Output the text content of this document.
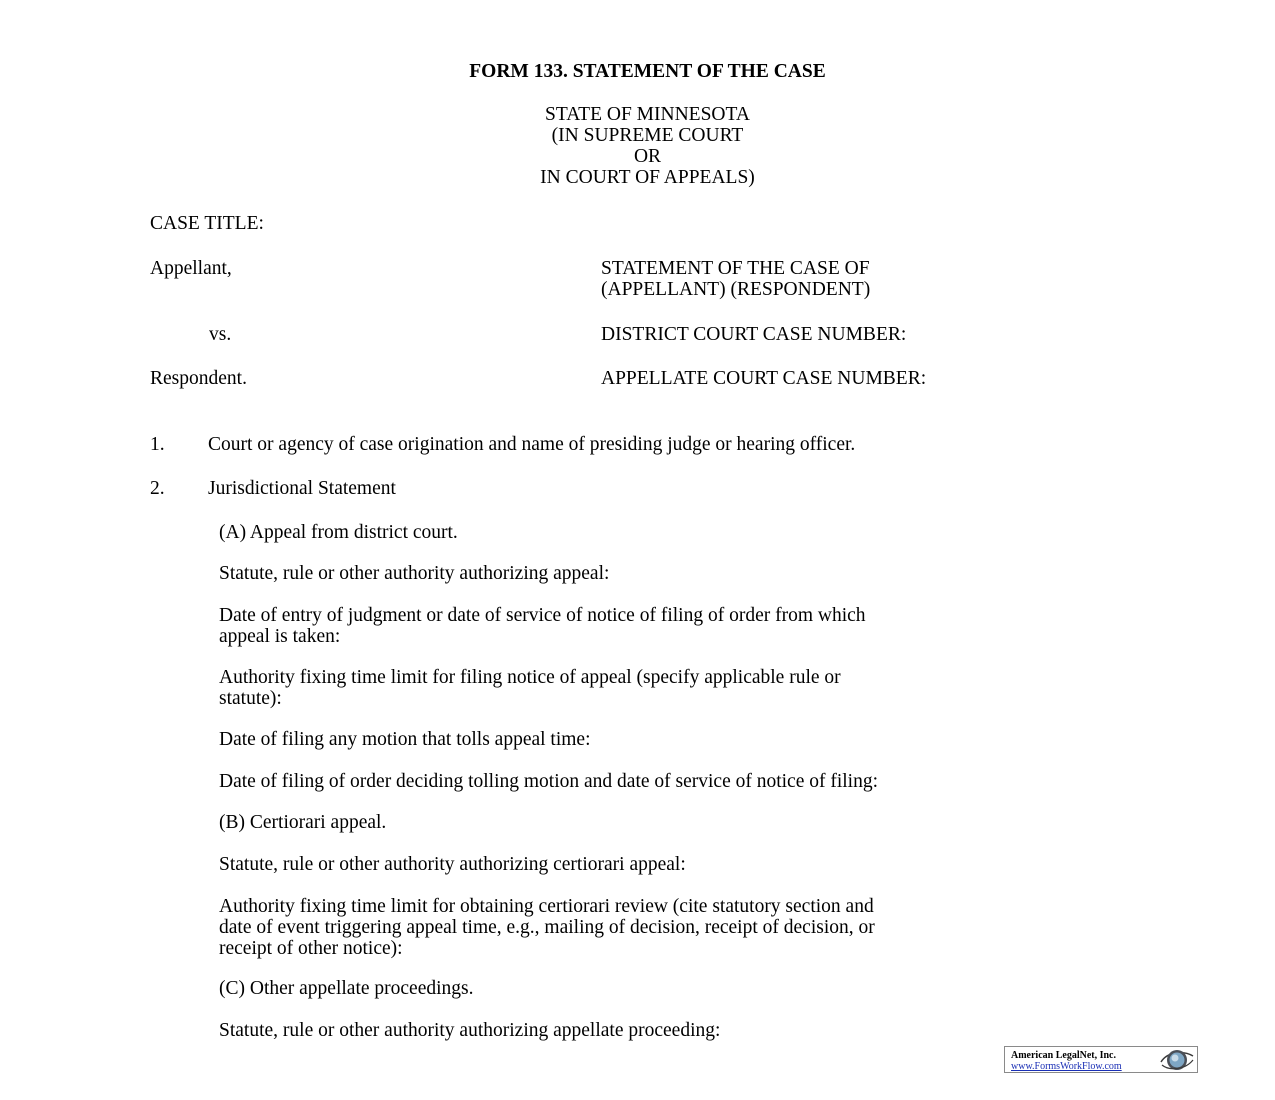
FORM 133. STATEMENT OF THE CASE
STATE OF MINNESOTA
(IN SUPREME COURT
OR
IN COURT OF APPEALS)
CASE TITLE:
Appellant,	STATEMENT OF THE CASE OF
(APPELLANT) (RESPONDENT)
vs.	DISTRICT COURT CASE NUMBER:
Respondent.	APPELLATE COURT CASE NUMBER:
1. Court or agency of case origination and name of presiding judge or hearing officer.
2. Jurisdictional Statement
(A) Appeal from district court.
Statute, rule or other authority authorizing appeal:
Date of entry of judgment or date of service of notice of filing of order from which
appeal is taken:
Authority fixing time limit for filing notice of appeal (specify applicable rule or
statute):
Date of filing any motion that tolls appeal time:
Date of filing of order deciding tolling motion and date of service of notice of filing:
(B) Certiorari appeal.
Statute, rule or other authority authorizing certiorari appeal:
Authority fixing time limit for obtaining certiorari review (cite statutory section and
date of event triggering appeal time, e.g., mailing of decision, receipt of decision, or
receipt of other notice):
(C) Other appellate proceedings.
Statute, rule or other authority authorizing appellate proceeding:
American LegalNet, Inc.
www.FormsWorkFlow.com
